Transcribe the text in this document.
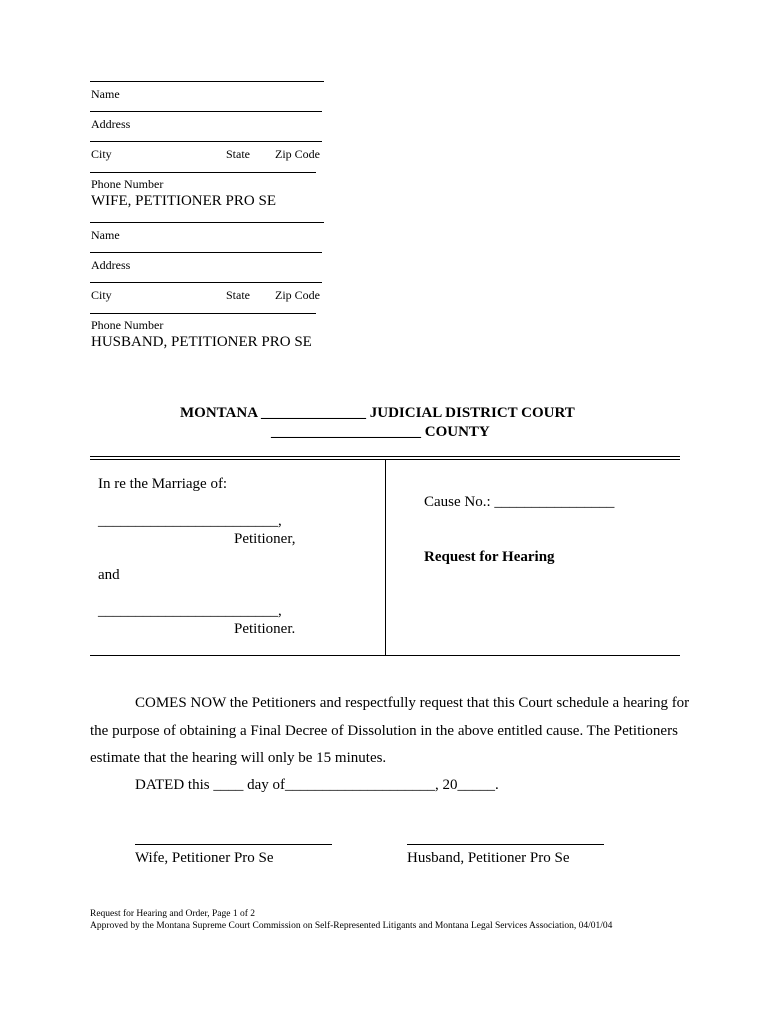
Name
Address
City	State Zip Code
Phone Number
WIFE, PETITIONER PRO SE
Name
Address
City	State Zip Code
Phone Number
HUSBAND, PETITIONER PRO SE
MONTANA ______________ JUDICIAL DISTRICT COURT
____________________ COUNTY
In re the Marriage of:
________________________,
Petitioner,
and
________________________,
Petitioner.
Cause No.: ________________
Request for Hearing
COMES NOW the Petitioners and respectfully request that this Court schedule a hearing for
the purpose of obtaining a Final Decree of Dissolution in the above entitled cause. The Petitioners
estimate that the hearing will only be 15 minutes.
DATED this ____ day of____________________, 20_____.
Wife, Petitioner Pro Se	Husband, Petitioner Pro Se
Request for Hearing and Order, Page 1 of 2
Approved by the Montana Supreme Court Commission on Self-Represented Litigants and Montana Legal Services Association, 04/01/04
